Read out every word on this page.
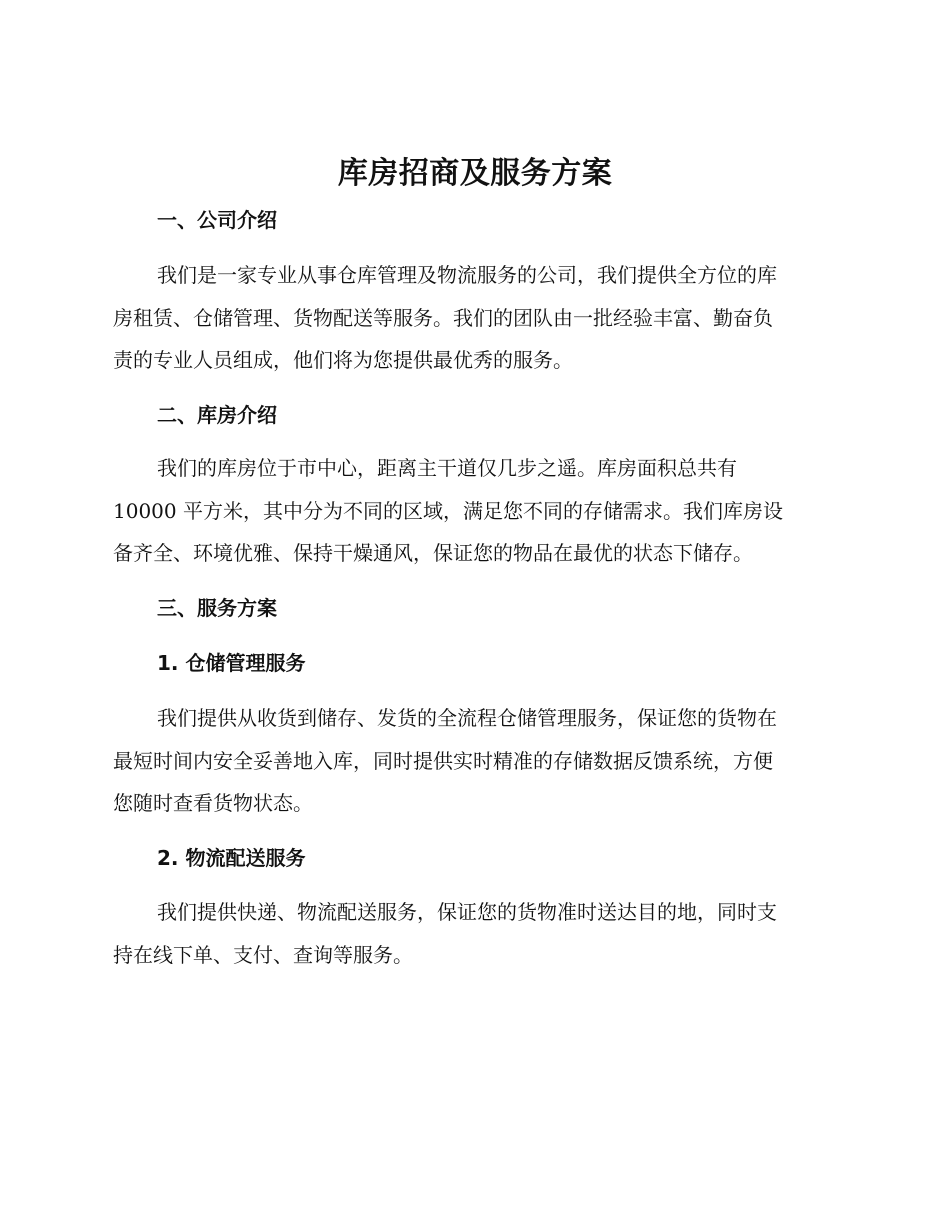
库房招商及服务方案
一、公司介绍
我们是一家专业从事仓库管理及物流服务的公司，我们提供全方位的库
房租赁、仓储管理、货物配送等服务。我们的团队由一批经验丰富、勤奋负
责的专业人员组成，他们将为您提供最优秀的服务。
二、库房介绍
我们的库房位于市中心，距离主干道仅几步之遥。库房面积总共有
10000 平方米，其中分为不同的区域，满足您不同的存储需求。我们库房设
备齐全、环境优雅、保持干燥通风，保证您的物品在最优的状态下储存。
三、服务方案
1. 仓储管理服务
我们提供从收货到储存、发货的全流程仓储管理服务，保证您的货物在
最短时间内安全妥善地入库，同时提供实时精准的存储数据反馈系统，方便
您随时查看货物状态。
2. 物流配送服务
我们提供快递、物流配送服务，保证您的货物准时送达目的地，同时支
持在线下单、支付、查询等服务。
